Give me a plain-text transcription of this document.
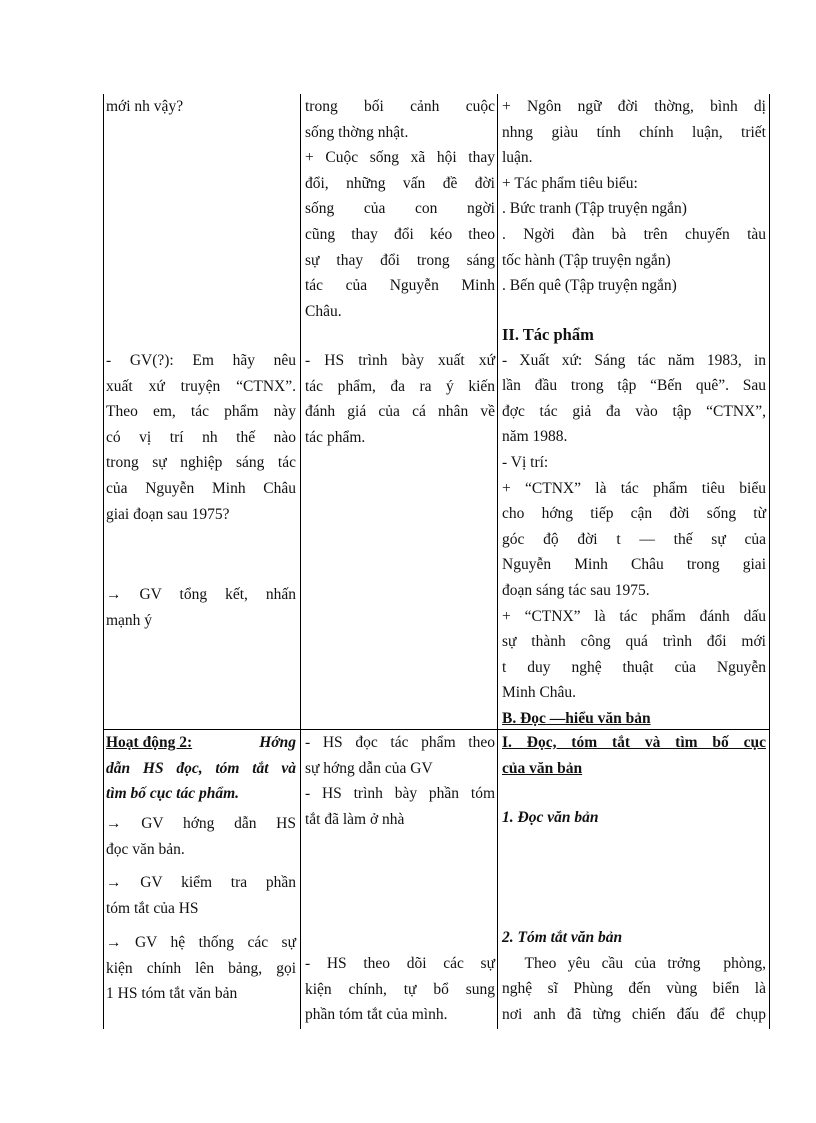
mới nh vậy?
- GV(?): Em hãy nêu
xuất xứ truyện “CTNX”.
Theo em, tác phẩm này
có vị trí nh thế nào
trong sự nghiệp sáng tác
của Nguyễn Minh Châu
giai đoạn sau 1975?
→ GV tổng kết, nhấn
mạnh ý
Hoạt động 2:	Hớng
dẫn HS đọc, tóm tắt và
tìm bố cục tác phẩm.
→ GV hớng dẫn HS
đọc văn bản.
→ GV kiểm tra phần
tóm tắt của HS
→ GV hệ thống các sự
kiện chính lên bảng, gọi
1 HS tóm tắt văn bản
trong bối cảnh cuộc
sống thờng nhật.
+ Cuộc sống xã hội thay
đổi, những vấn đề đời
sống của con ngời
cũng thay đổi kéo theo
sự thay đổi trong sáng
tác của Nguyễn Minh
Châu.
- HS trình bày xuất xứ
tác phẩm, đa ra ý kiến
đánh giá của cá nhân về
tác phẩm.
- HS đọc tác phẩm theo
sự hớng dẫn của GV
- HS trình bày phần tóm
tắt đã làm ở nhà
- HS theo dõi các sự
kiện chính, tự bổ sung
phần tóm tắt của mình.
+ Ngôn ngữ đời thờng, bình dị
nhng giàu tính chính luận, triết
luận.
+ Tác phẩm tiêu biểu:
. Bức tranh (Tập truyện ngắn)
. Ngời đàn bà trên chuyến tàu
tốc hành (Tập truyện ngắn)
. Bến quê (Tập truyện ngắn)
II. Tác phẩm
- Xuất xứ: Sáng tác năm 1983, in
lần đầu trong tập “Bến quê”. Sau
đợc tác giả đa vào tập “CTNX”,
năm 1988.
- Vị trí:
+ “CTNX” là tác phẩm tiêu biểu
cho hớng tiếp cận đời sống từ
góc độ đời t — thế sự của
Nguyễn Minh Châu trong giai
đoạn sáng tác sau 1975.
+ “CTNX” là tác phẩm đánh dấu
sự thành công quá trình đổi mới
t duy nghệ thuật của Nguyễn
Minh Châu.
B. Đọc —hiểu văn bản
I. Đọc, tóm tắt và tìm bố cục
của văn bản
1. Đọc văn bản
2. Tóm tắt văn bản
Theo yêu cầu của trởng  phòng,
nghệ sĩ Phùng đến vùng biển là
nơi anh đã từng chiến đấu để chụp
